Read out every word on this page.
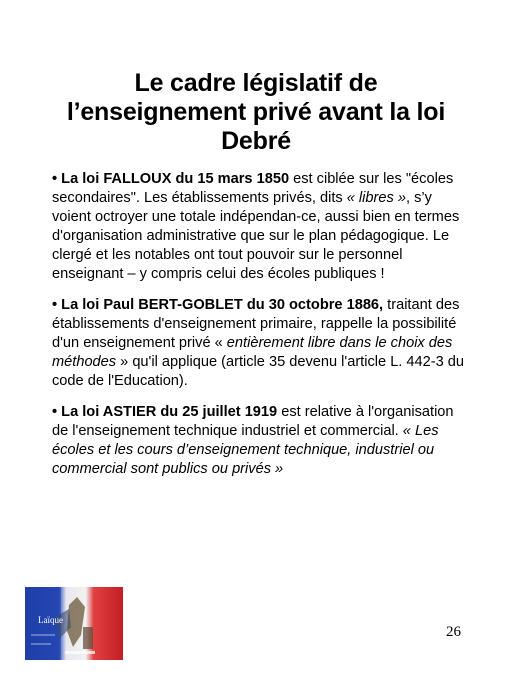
Le cadre législatif de
l’enseignement privé avant la loi
Debré

• La loi FALLOUX du 15 mars 1850 est ciblée sur les "écoles secondaires". Les établissements privés, dits « libres », s’y voient octroyer une totale indépendan-ce, aussi bien en termes d'organisation administrative que sur le plan pédagogique. Le clergé et les notables ont tout pouvoir sur le personnel enseignant – y compris celui des écoles publiques !

• La loi Paul BERT-GOBLET du 30 octobre 1886, traitant des établissements d'enseignement primaire, rappelle la possibilité d'un enseignement privé « entièrement libre dans le choix des méthodes » qu'il applique (article 35 devenu l'article L. 442-3 du code de l'Education).

• La loi ASTIER du 25 juillet 1919 est relative à l'organisation de l'enseignement technique industriel et commercial. « Les écoles et les cours d’enseignement technique, industriel ou commercial sont publics ou privés »

Laïque
26
